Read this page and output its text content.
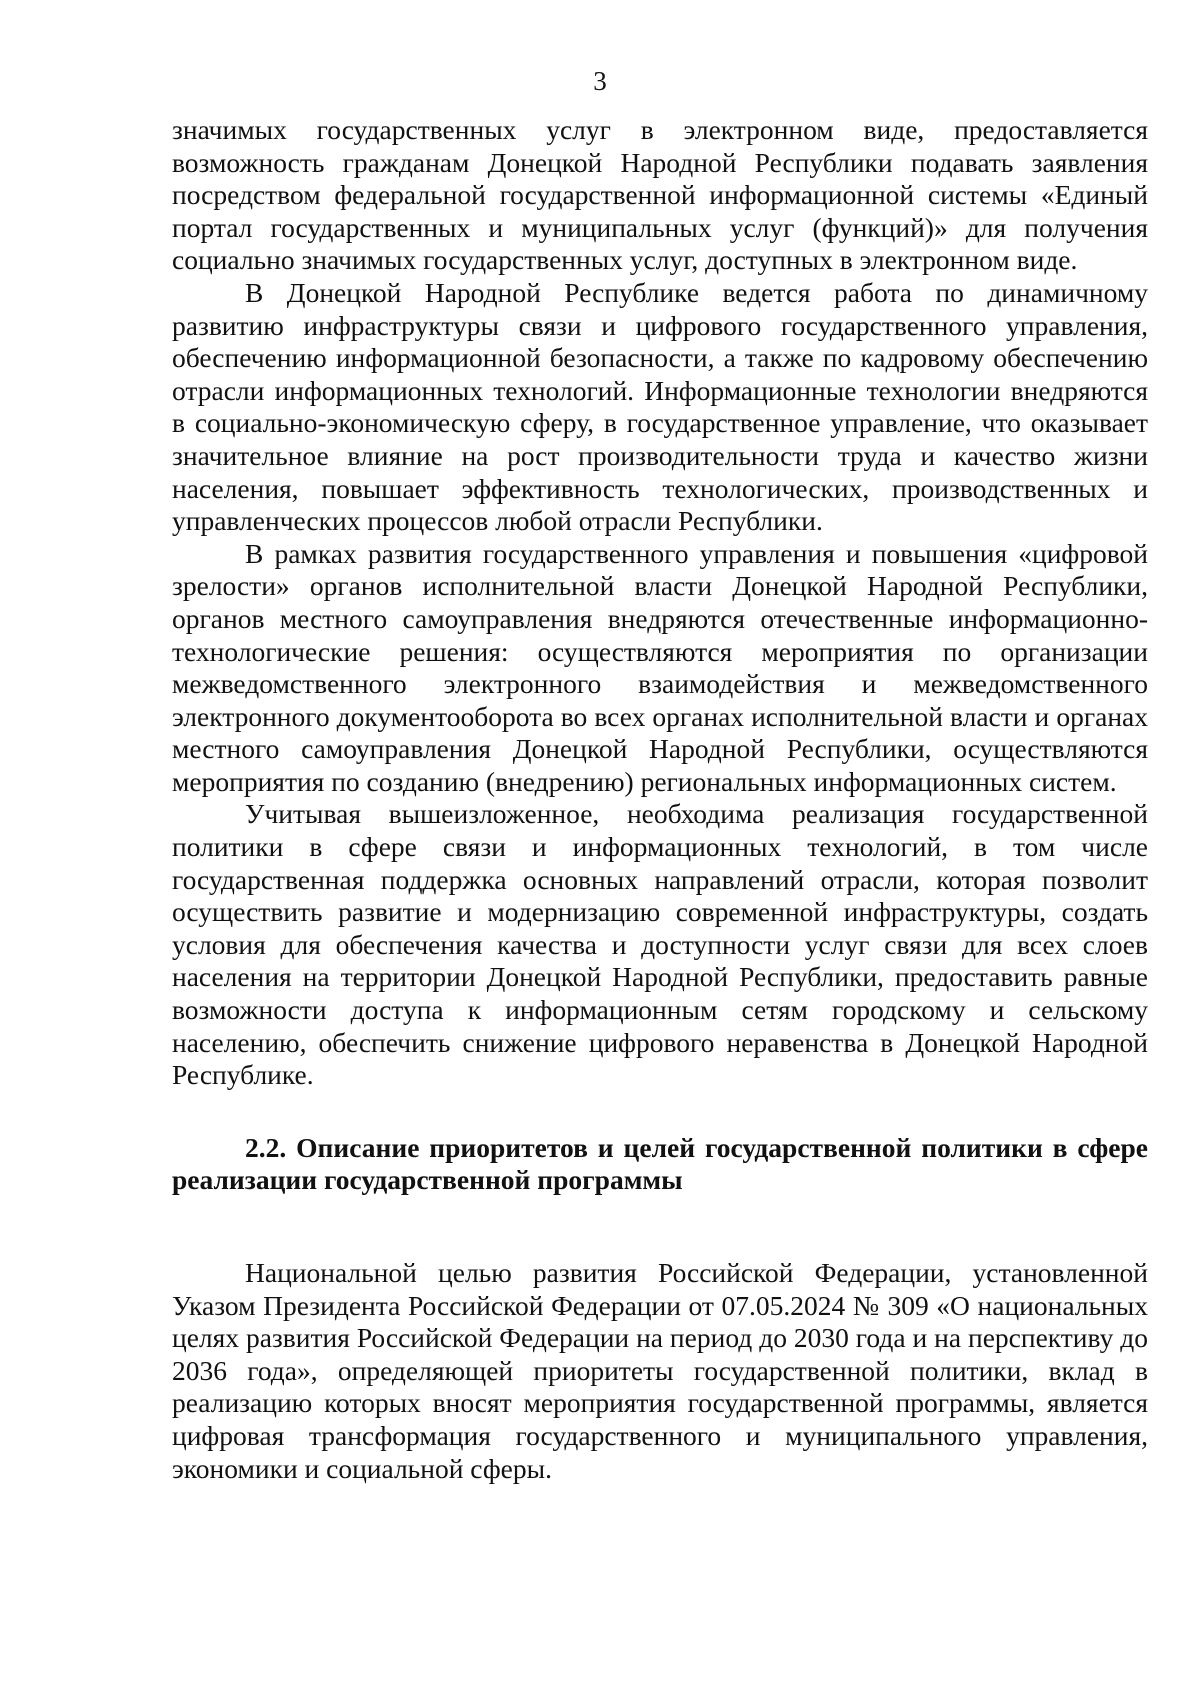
3

значимых государственных услуг в электронном виде, предоставляется возможность гражданам Донецкой Народной Республики подавать заявления посредством федеральной государственной информационной системы «Единый портал государственных и муниципальных услуг (функций)» для получения социально значимых государственных услуг, доступных в электронном виде.

В Донецкой Народной Республике ведется работа по динамичному развитию инфраструктуры связи и цифрового государственного управления, обеспечению информационной безопасности, а также по кадровому обеспечению отрасли информационных технологий. Информационные технологии внедряются в социально-экономическую сферу, в государственное управление, что оказывает значительное влияние на рост производительности труда и качество жизни населения, повышает эффективность технологических, производственных и управленческих процессов любой отрасли Республики.

В рамках развития государственного управления и повышения «цифровой зрелости» органов исполнительной власти Донецкой Народной Республики, органов местного самоуправления внедряются отечественные информационно-технологические решения: осуществляются мероприятия по организации межведомственного электронного взаимодействия и межведомственного электронного документооборота во всех органах исполнительной власти и органах местного самоуправления Донецкой Народной Республики, осуществляются мероприятия по созданию (внедрению) региональных информационных систем.

Учитывая вышеизложенное, необходима реализация государственной политики в сфере связи и информационных технологий, в том числе государственная поддержка основных направлений отрасли, которая позволит осуществить развитие и модернизацию современной инфраструктуры, создать условия для обеспечения качества и доступности услуг связи для всех слоев населения на территории Донецкой Народной Республики, предоставить равные возможности доступа к информационным сетям городскому и сельскому населению, обеспечить снижение цифрового неравенства в Донецкой Народной Республике.

2.2. Описание приоритетов и целей государственной политики в сфере реализации государственной программы

Национальной целью развития Российской Федерации, установленной Указом Президента Российской Федерации от 07.05.2024 № 309 «О национальных целях развития Российской Федерации на период до 2030 года и на перспективу до 2036 года», определяющей приоритеты государственной политики, вклад в реализацию которых вносят мероприятия государственной программы, является цифровая трансформация государственного и муниципального управления, экономики и социальной сферы.
